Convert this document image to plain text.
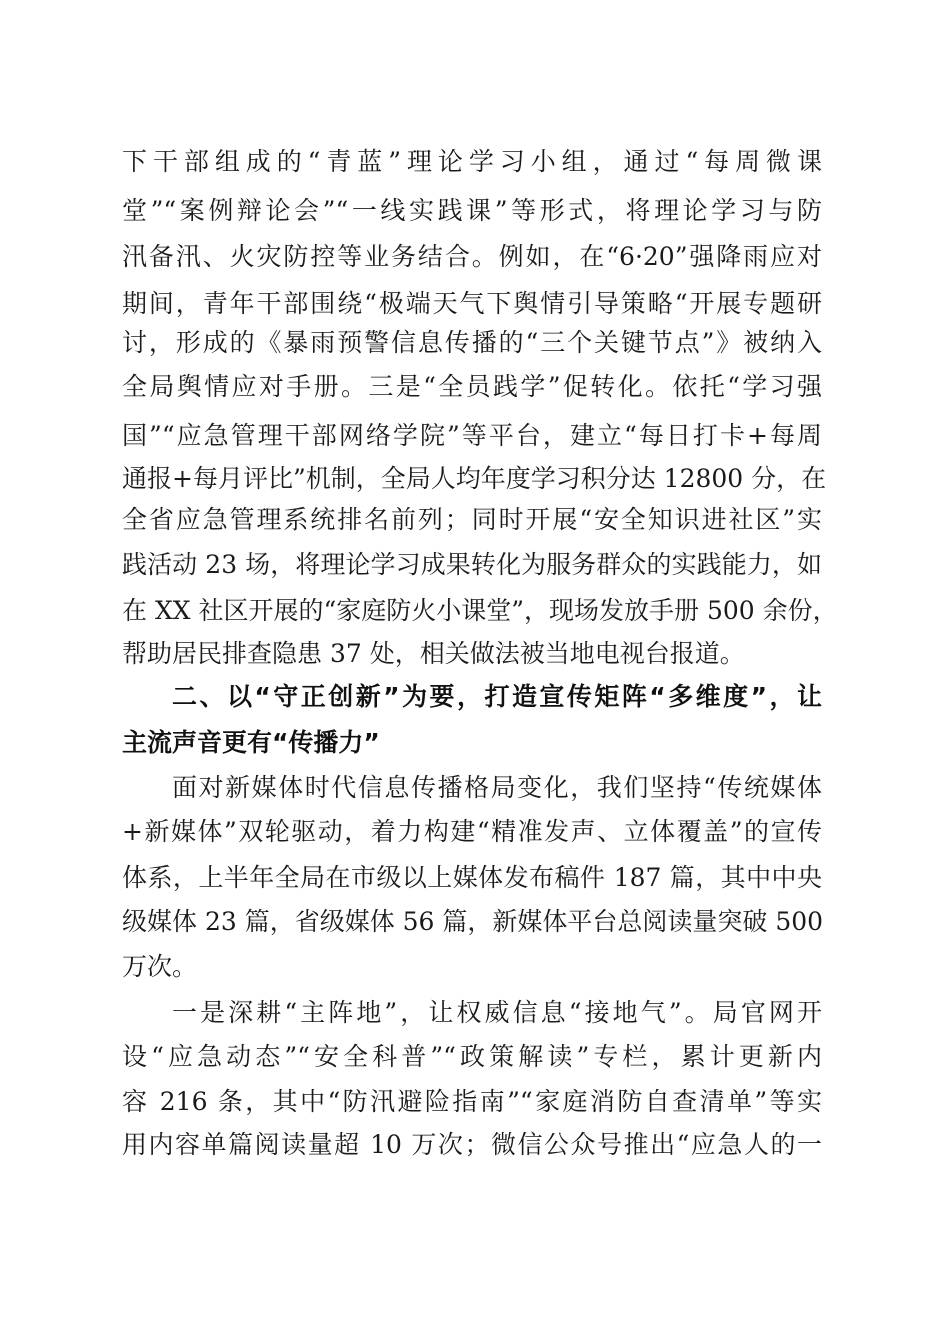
下干部组成的“青蓝”理论学习小组，通过“每周微课
堂”“案例辩论会”“一线实践课”等形式，将理论学习与防
汛备汛、火灾防控等业务结合。例如，在“6·20”强降雨应对
期间，青年干部围绕“极端天气下舆情引导策略“开展专题研
讨，形成的《暴雨预警信息传播的“三个关键节点”》被纳入
全局舆情应对手册。三是“全员践学”促转化。依托“学习强
国”“应急管理干部网络学院”等平台，建立“每日打卡+每周
通报+每月评比”机制，全局人均年度学习积分达 12800 分，在
全省应急管理系统排名前列；同时开展“安全知识进社区”实
践活动 23 场，将理论学习成果转化为服务群众的实践能力，如
在 XX 社区开展的“家庭防火小课堂”，现场发放手册 500 余份，
帮助居民排查隐患 37 处，相关做法被当地电视台报道。
二、以“守正创新”为要，打造宣传矩阵“多维度”，让
主流声音更有“传播力”
面对新媒体时代信息传播格局变化，我们坚持“传统媒体
+新媒体”双轮驱动，着力构建“精准发声、立体覆盖”的宣传
体系，上半年全局在市级以上媒体发布稿件 187 篇，其中中央
级媒体 23 篇，省级媒体 56 篇，新媒体平台总阅读量突破 500
万次。
一是深耕“主阵地”，让权威信息“接地气”。局官网开
设“应急动态”“安全科普”“政策解读”专栏，累计更新内
容 216 条，其中“防汛避险指南”“家庭消防自查清单”等实
用内容单篇阅读量超 10 万次；微信公众号推出“应急人的一
